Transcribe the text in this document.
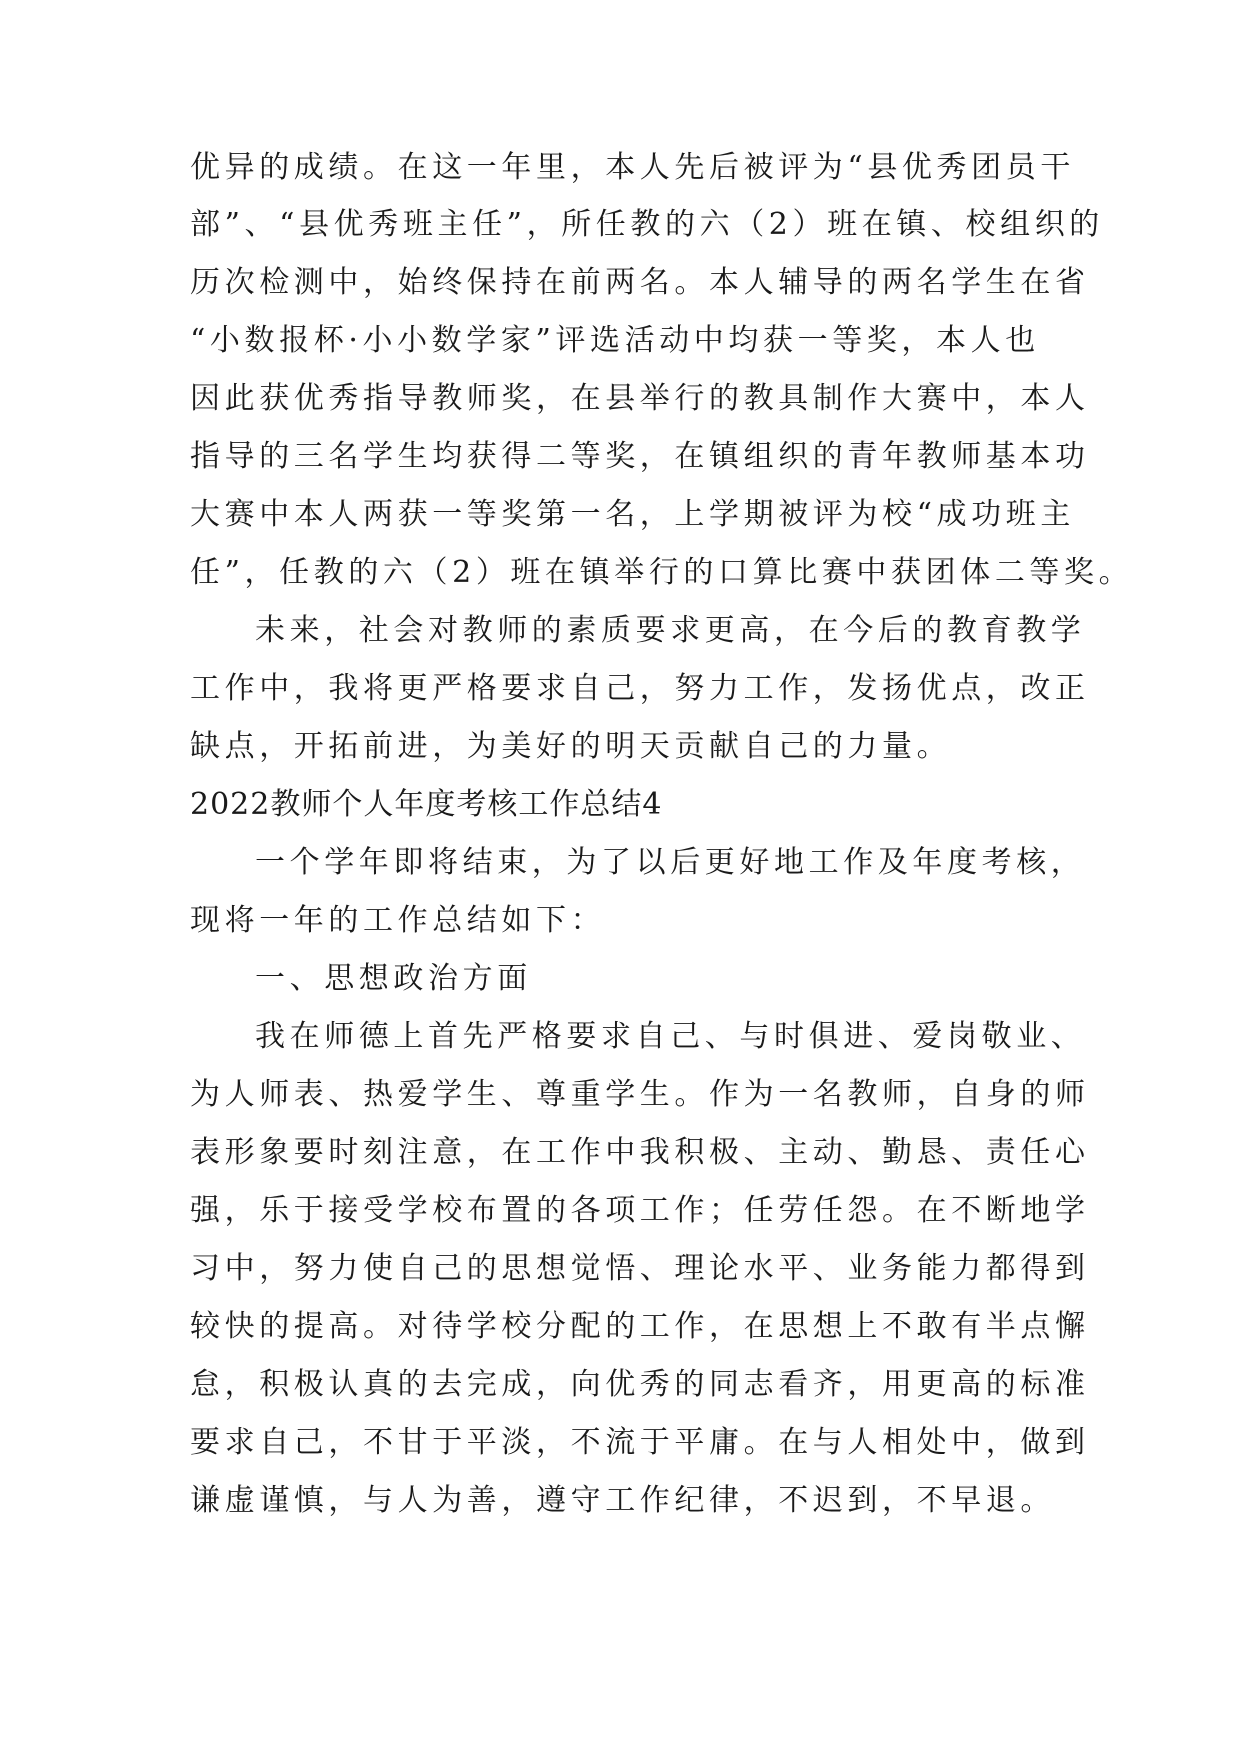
优异的成绩。在这一年里，本人先后被评为“县优秀团员干
部”、“县优秀班主任”，所任教的六（2）班在镇、校组织的
历次检测中，始终保持在前两名。本人辅导的两名学生在省
“小数报杯·小小数学家”评选活动中均获一等奖，本人也
因此获优秀指导教师奖，在县举行的教具制作大赛中，本人
指导的三名学生均获得二等奖，在镇组织的青年教师基本功
大赛中本人两获一等奖第一名，上学期被评为校“成功班主
任”，任教的六（2）班在镇举行的口算比赛中获团体二等奖。
未来，社会对教师的素质要求更高，在今后的教育教学
工作中，我将更严格要求自己，努力工作，发扬优点，改正
缺点，开拓前进，为美好的明天贡献自己的力量。
2022教师个人年度考核工作总结4
一个学年即将结束，为了以后更好地工作及年度考核，
现将一年的工作总结如下：
一、思想政治方面
我在师德上首先严格要求自己、与时俱进、爱岗敬业、
为人师表、热爱学生、尊重学生。作为一名教师，自身的师
表形象要时刻注意，在工作中我积极、主动、勤恳、责任心
强，乐于接受学校布置的各项工作；任劳任怨。在不断地学
习中，努力使自己的思想觉悟、理论水平、业务能力都得到
较快的提高。对待学校分配的工作，在思想上不敢有半点懈
怠，积极认真的去完成，向优秀的同志看齐，用更高的标准
要求自己，不甘于平淡，不流于平庸。在与人相处中，做到
谦虚谨慎，与人为善，遵守工作纪律，不迟到，不早退。
